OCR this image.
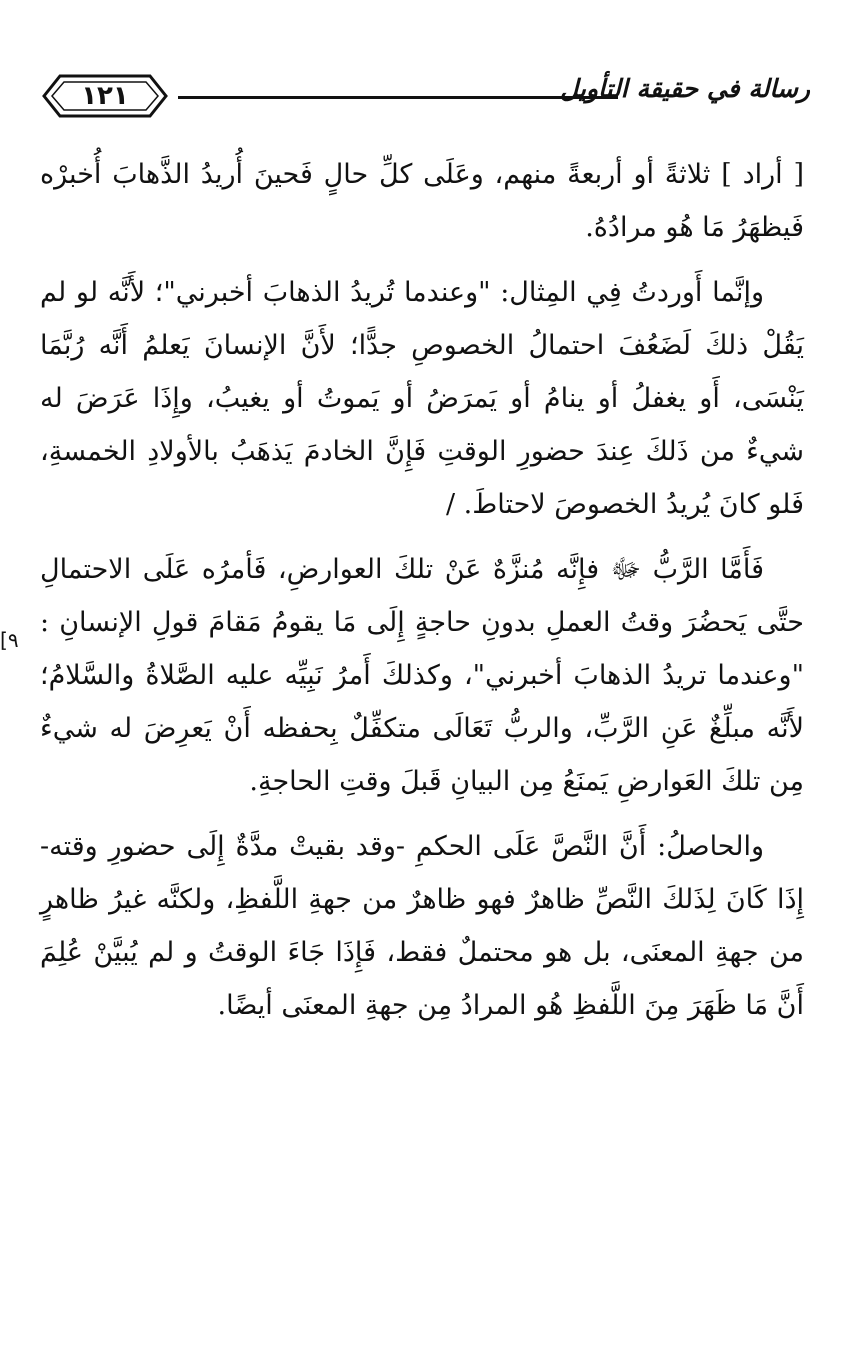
١٢١	رسالة في حقيقة التأويل
[٩

[ أراد ] ثلاثةً أو أربعةً منهم، وعَلَى كلِّ حالٍ فَحينَ أُريدُ الذَّهابَ أُخبرْه فَيظهَرُ مَا هُو مرادُهُ.

وإنَّما أَوردتُ فِي المِثال: "وعندما تُريدُ الذهابَ أخبرني"؛ لأَنَّه لو لم يَقُلْ ذلكَ لَضَعُفَ احتمالُ الخصوصِ جدًّا؛ لأَنَّ الإنسانَ يَعلمُ أَنَّه رُبَّمَا يَنْسَى، أَو يغفلُ أو ينامُ أو يَمرَضُ أو يَموتُ أو يغيبُ، وإِذَا عَرَضَ له شيءٌ من ذَلكَ عِندَ حضورِ الوقتِ فَإِنَّ الخادمَ يَذهَبُ بالأولادِ الخمسةِ، فَلو كانَ يُريدُ الخصوصَ لاحتاطَ. /

فَأَمَّا الرَّبُّ ﷻ فإِنَّه مُنزَّهٌ عَنْ تلكَ العوارضِ، فَأمرُه عَلَى الاحتمالِ حتَّى يَحضُرَ وقتُ العملِ بدونِ حاجةٍ إِلَى مَا يقومُ مَقامَ قولِ الإنسانِ : "وعندما تريدُ الذهابَ أخبرني"، وكذلكَ أَمرُ نَبِيِّه عليه الصَّلاةُ والسَّلامُ؛ لأَنَّه مبلِّغٌ عَنِ الرَّبِّ، والربُّ تَعَالَى متكفِّلٌ بِحفظه أَنْ يَعرِضَ له شيءٌ مِن تلكَ العَوارضِ يَمنَعُ مِن البيانِ قَبلَ وقتِ الحاجةِ.

والحاصلُ: أَنَّ النَّصَّ عَلَى الحكمِ -وقد بقيتْ مدَّةٌ إِلَى حضورِ وقته- إِذَا كَانَ لِذَلكَ النَّصِّ ظاهرٌ فهو ظاهرٌ من جهةِ اللَّفظِ، ولكنَّه غيرُ ظاهرٍ من جهةِ المعنَى، بل هو محتملٌ فقط، فَإِذَا جَاءَ الوقتُ و لم يُبيَّنْ عُلِمَ أَنَّ مَا ظَهَرَ مِنَ اللَّفظِ هُو المرادُ مِن جهةِ المعنَى أيضًا.
